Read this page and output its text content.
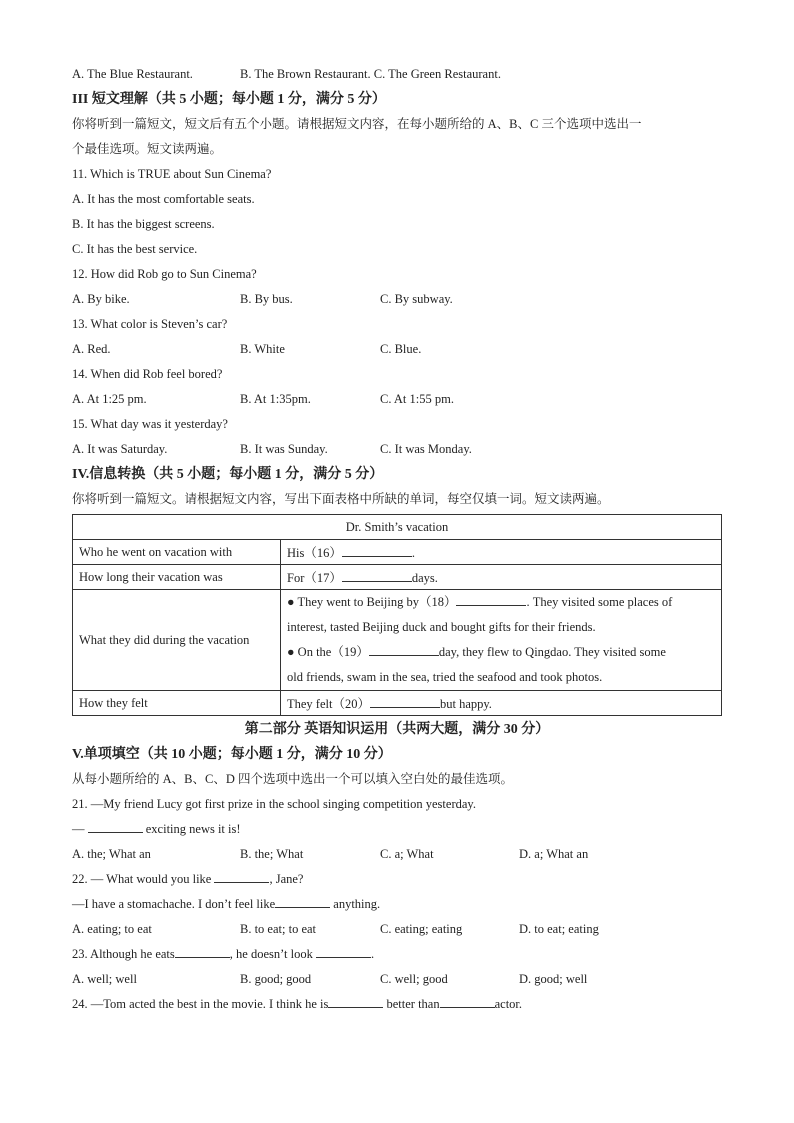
A. The Blue Restaurant.	B. The Brown Restaurant. C. The Green Restaurant.
III 短文理解（共 5 小题；每小题 1 分，满分 5 分）
你将听到一篇短文，短文后有五个小题。请根据短文内容，在每小题所给的 A、B、C 三个选项中选出一
个最佳选项。短文读两遍。
11. Which is TRUE about Sun Cinema?
A. It has the most comfortable seats.
B. It has the biggest screens.
C. It has the best service.
12. How did Rob go to Sun Cinema?
A. By bike.	B. By bus.	C. By subway.
13. What color is Steven’s car?
A. Red.	B. White	C. Blue.
14. When did Rob feel bored?
A. At 1:25 pm.	B. At 1:35pm.	C. At 1:55 pm.
15. What day was it yesterday?
A. It was Saturday.	B. It was Sunday.	C. It was Monday.
IV.信息转换（共 5 小题；每小题 1 分，满分 5 分）
你将听到一篇短文。请根据短文内容，写出下面表格中所缺的单词，每空仅填一词。短文读两遍。
Dr. Smith’s vacation	
Who he went on vacation with	His（16） .
How long their vacation was	For（17） days.
What they did during the vacation	● They went to Beijing by（18） . They visited some places of
interest, tasted Beijing duck and bought gifts for their friends.
● On the（19） day, they flew to Qingdao. They visited some
old friends, swam in the sea, tried the seafood and took photos.

How they felt	They felt（20） but happy.
第二部分 英语知识运用（共两大题，满分 30 分）
V.单项填空（共 10 小题；每小题 1 分，满分 10 分）
从每小题所给的 A、B、C、D 四个选项中选出一个可以填入空白处的最佳选项。
21. —My friend Lucy got first prize in the school singing competition yesterday.
—	exciting news it is!
A. the; What an	B. the; What	C. a; What	D. a; What an
22. — What would you like	, Jane?
—I have a stomachache. I don’t feel like	anything.
A. eating; to eat	B. to eat; to eat	C. eating; eating	D. to eat; eating
23. Although he eats	, he doesn’t look	.
A. well; well	B. good; good	C. well; good	D. good; well
24. —Tom acted the best in the movie. I think he is	better than	actor.
